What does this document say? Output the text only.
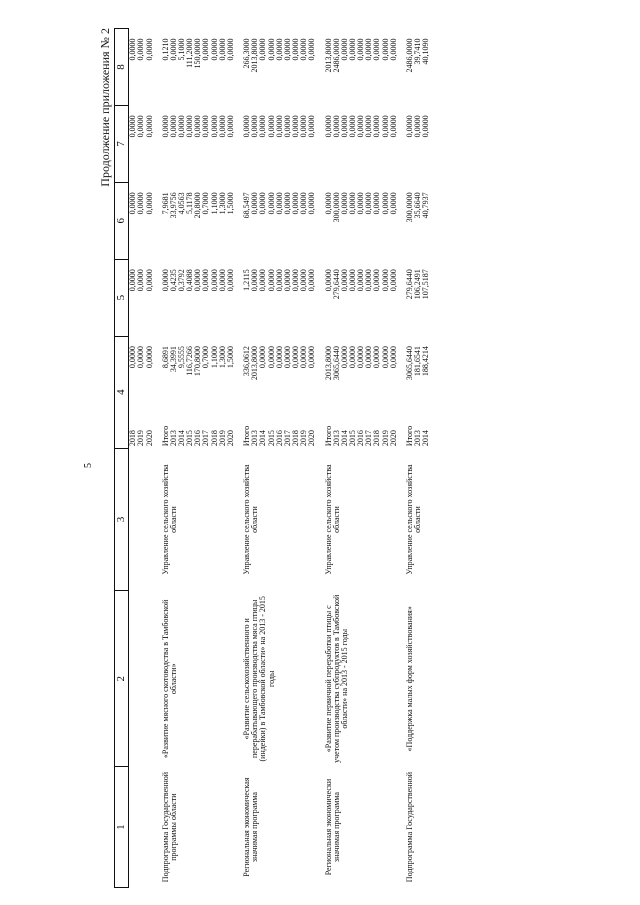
5
Продолжение приложения № 2
1	2	3	4		5	6	7	8
			2018	0,0000	0,0000	0,0000	0,0000	0,0000
			2019	0,0000	0,0000	0,0000	0,0000	0,0000
			2020	0,0000	0,0000	0,0000	0,0000	0,0000
Подпрограмма Государственной программы области	«Развитие мясного скотоводства в Тамбовской области»	Управление сельского хозяйства области	Итого	8,6891	0,0000	7,9681	0,0000	0,1210
			2013	34,3991	0,4235	33,9756	0,0000	0,0000
			2014	9,5555	0,3792	4,0563	0,0000	5,1000
			2015	116,7266	0,4088	5,1178	0,0000	111,2000
			2016	170,8000	0,0000	20,8000	0,0000	150,0000

			2017	0,7000	0,0000	0,7000	0,0000	0,0000

			2018	1,1000	0,0000	1,1000	0,0000	0,0000
			2019	1,3000	0,0000	1,3000	0,0000	0,0000
			2020	1,5000	0,0000	1,5000	0,0000	0,0000
Региональная экономическая значимая программа	«Развитие сельскохозяйственного и перерабатывающего производства мяса птицы (индейки) в Тамбовской области» на 2013 - 2015 годы	Управление сельского хозяйства области	Итого	336,0612	1,2115	68,5497	0,0000	266,3000
			2013	2013,8000	0,0000	0,0000	0,0000	2013,8000
			2014	0,0000	0,0000	0,0000	0,0000	0,0000
			2015	0,0000	0,0000	0,0000	0,0000	0,0000
			2016	0,0000	0,0000	0,0000	0,0000	0,0000
			2017	0,0000	0,0000	0,0000	0,0000	0,0000
			2018	0,0000	0,0000	0,0000	0,0000	0,0000
			2019	0,0000	0,0000	0,0000	0,0000	0,0000
			2020	0,0000	0,0000	0,0000	0,0000	0,0000
Региональная экономически значимая программа	«Развитие первичной переработки птицы с учетом производства субпродуктов в Тамбовской области» на 2013 - 2015 годы	Управление сельского хозяйства области	Итого	2013,8000	0,0000	0,0000	0,0000	2013,8000
			2013	3065,6440	279,6440	300,0000	0,0000	2486,0000
			2014	0,0000	0,0000	0,0000	0,0000	0,0000
			2015	0,0000	0,0000	0,0000	0,0000	0,0000
			2016	0,0000	0,0000	0,0000	0,0000	0,0000
			2017	0,0000	0,0000	0,0000	0,0000	0,0000
			2018	0,0000	0,0000	0,0000	0,0000	0,0000
			2019	0,0000	0,0000	0,0000	0,0000	0,0000
			2020	0,0000	0,0000	0,0000	0,0000	0,0000
Подпрограмма Государственной	«Поддержка малых форм хозяйствования»	Управление сельского хозяйства области	Итого	3065,6440	279,6440	300,0000	0,0000	2486,0000
			2013	181,6541	106,2491	35,6640	0,0000	39,7410
			2014	188,4214	107,5187	40,7937	0,0000	40,1090
